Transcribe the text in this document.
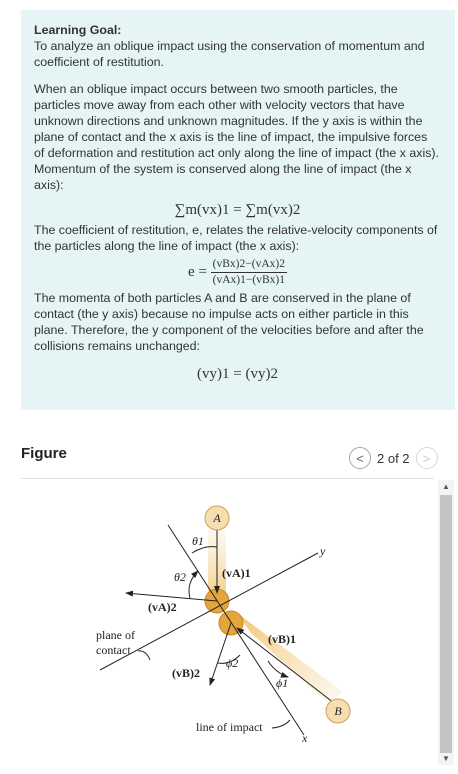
Learning Goal:

To analyze an oblique impact using the conservation of momentum and coefficient of restitution.

When an oblique impact occurs between two smooth particles, the particles move away from each other with velocity vectors that have unknown directions and unknown magnitudes. If the y axis is within the plane of contact and the x axis is the line of impact, the impulsive forces of deformation and restitution act only along the line of impact (the x axis). Momentum of the system is conserved along the line of impact (the x axis):

∑m(vx)1 = ∑m(vx)2

The coefficient of restitution, e, relates the relative-velocity components of the particles along the line of impact (the x axis):

$e = \frac{\text{(vBx)2−(vAx)2}}{\text{(vAx)1−(vBx)1}}$

The momenta of both particles A and B are conserved in the plane of contact (the y axis) because no impulse acts on either particle in this plane. Therefore, the y component of the velocities before and after the collisions remains unchanged:

(vy)1 = (vy)2
Figure	< 2 of 2 >
A
B
θ1
θ2	(vA)1
(vA)2
(vB)1
(vB)2
ϕ2
ϕ1
y
x
plane of
contact
line of impact
▲
▼
